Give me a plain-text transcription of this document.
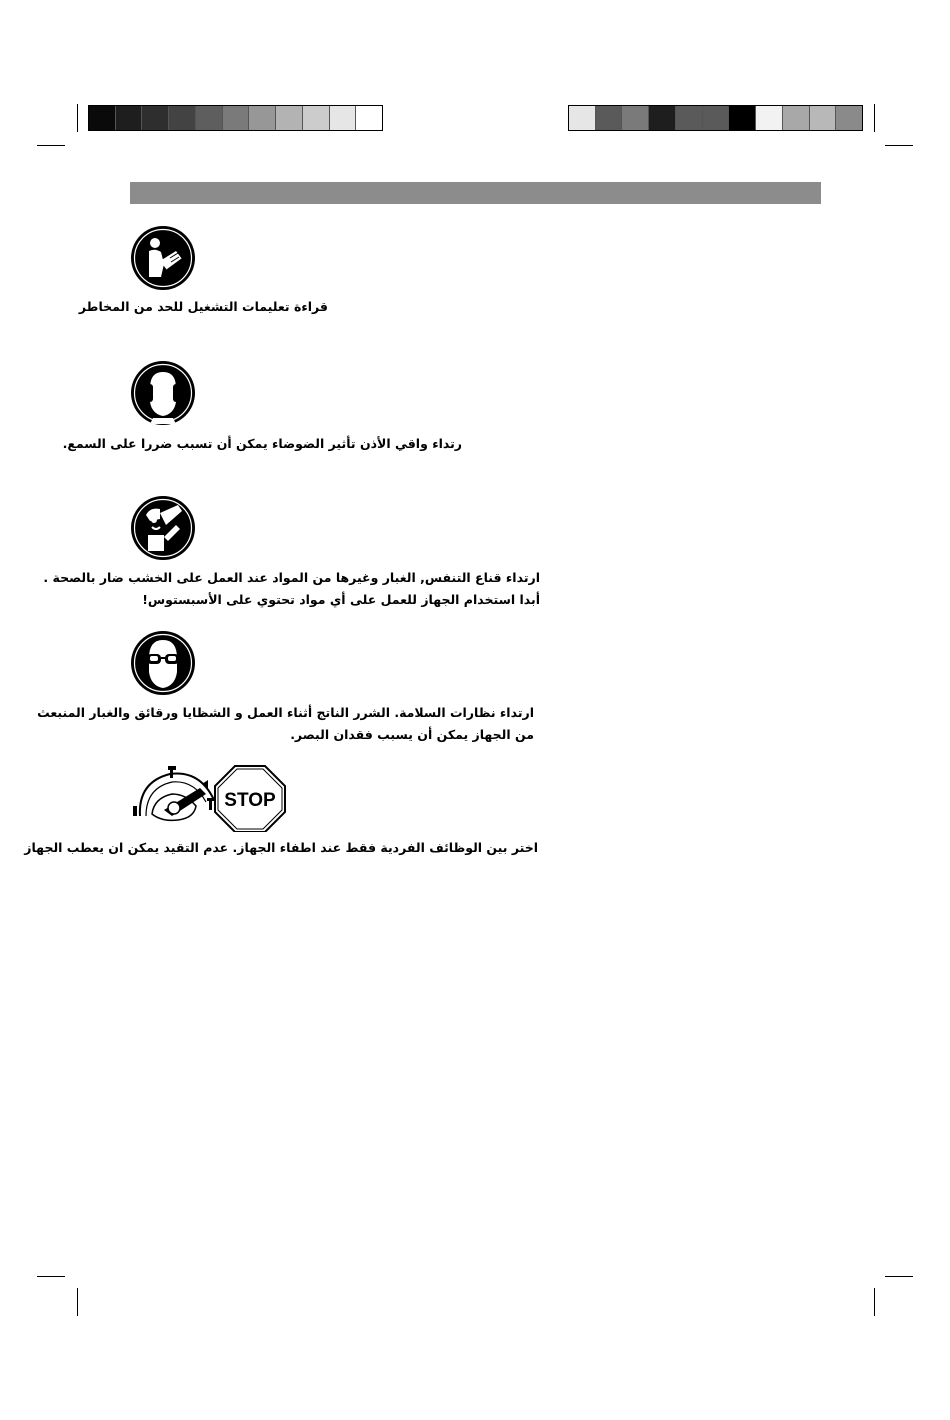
قراءة تعليمات التشغيل للحد من المخاطر
رتداء واقي الأذن تأثير الضوضاء يمكن أن تسبب ضررا على السمع.
ارتداء قناع التنفس, الغبار وغيرها من المواد عند العمل على الخشب ضار بالصحة .
أبدا استخدام الجهاز للعمل على أي مواد تحتوي على الأسبستوس!
ارتداء نظارات السلامة. الشرر الناتج أثناء العمل و الشظايا ورقائق والغبار المنبعث
من الجهاز يمكن أن يسبب فقدان البصر.
STOP
اختر بين الوظائف الفردية فقط عند اطفاء الجهاز. عدم التقيد يمكن ان يعطب الجهاز
